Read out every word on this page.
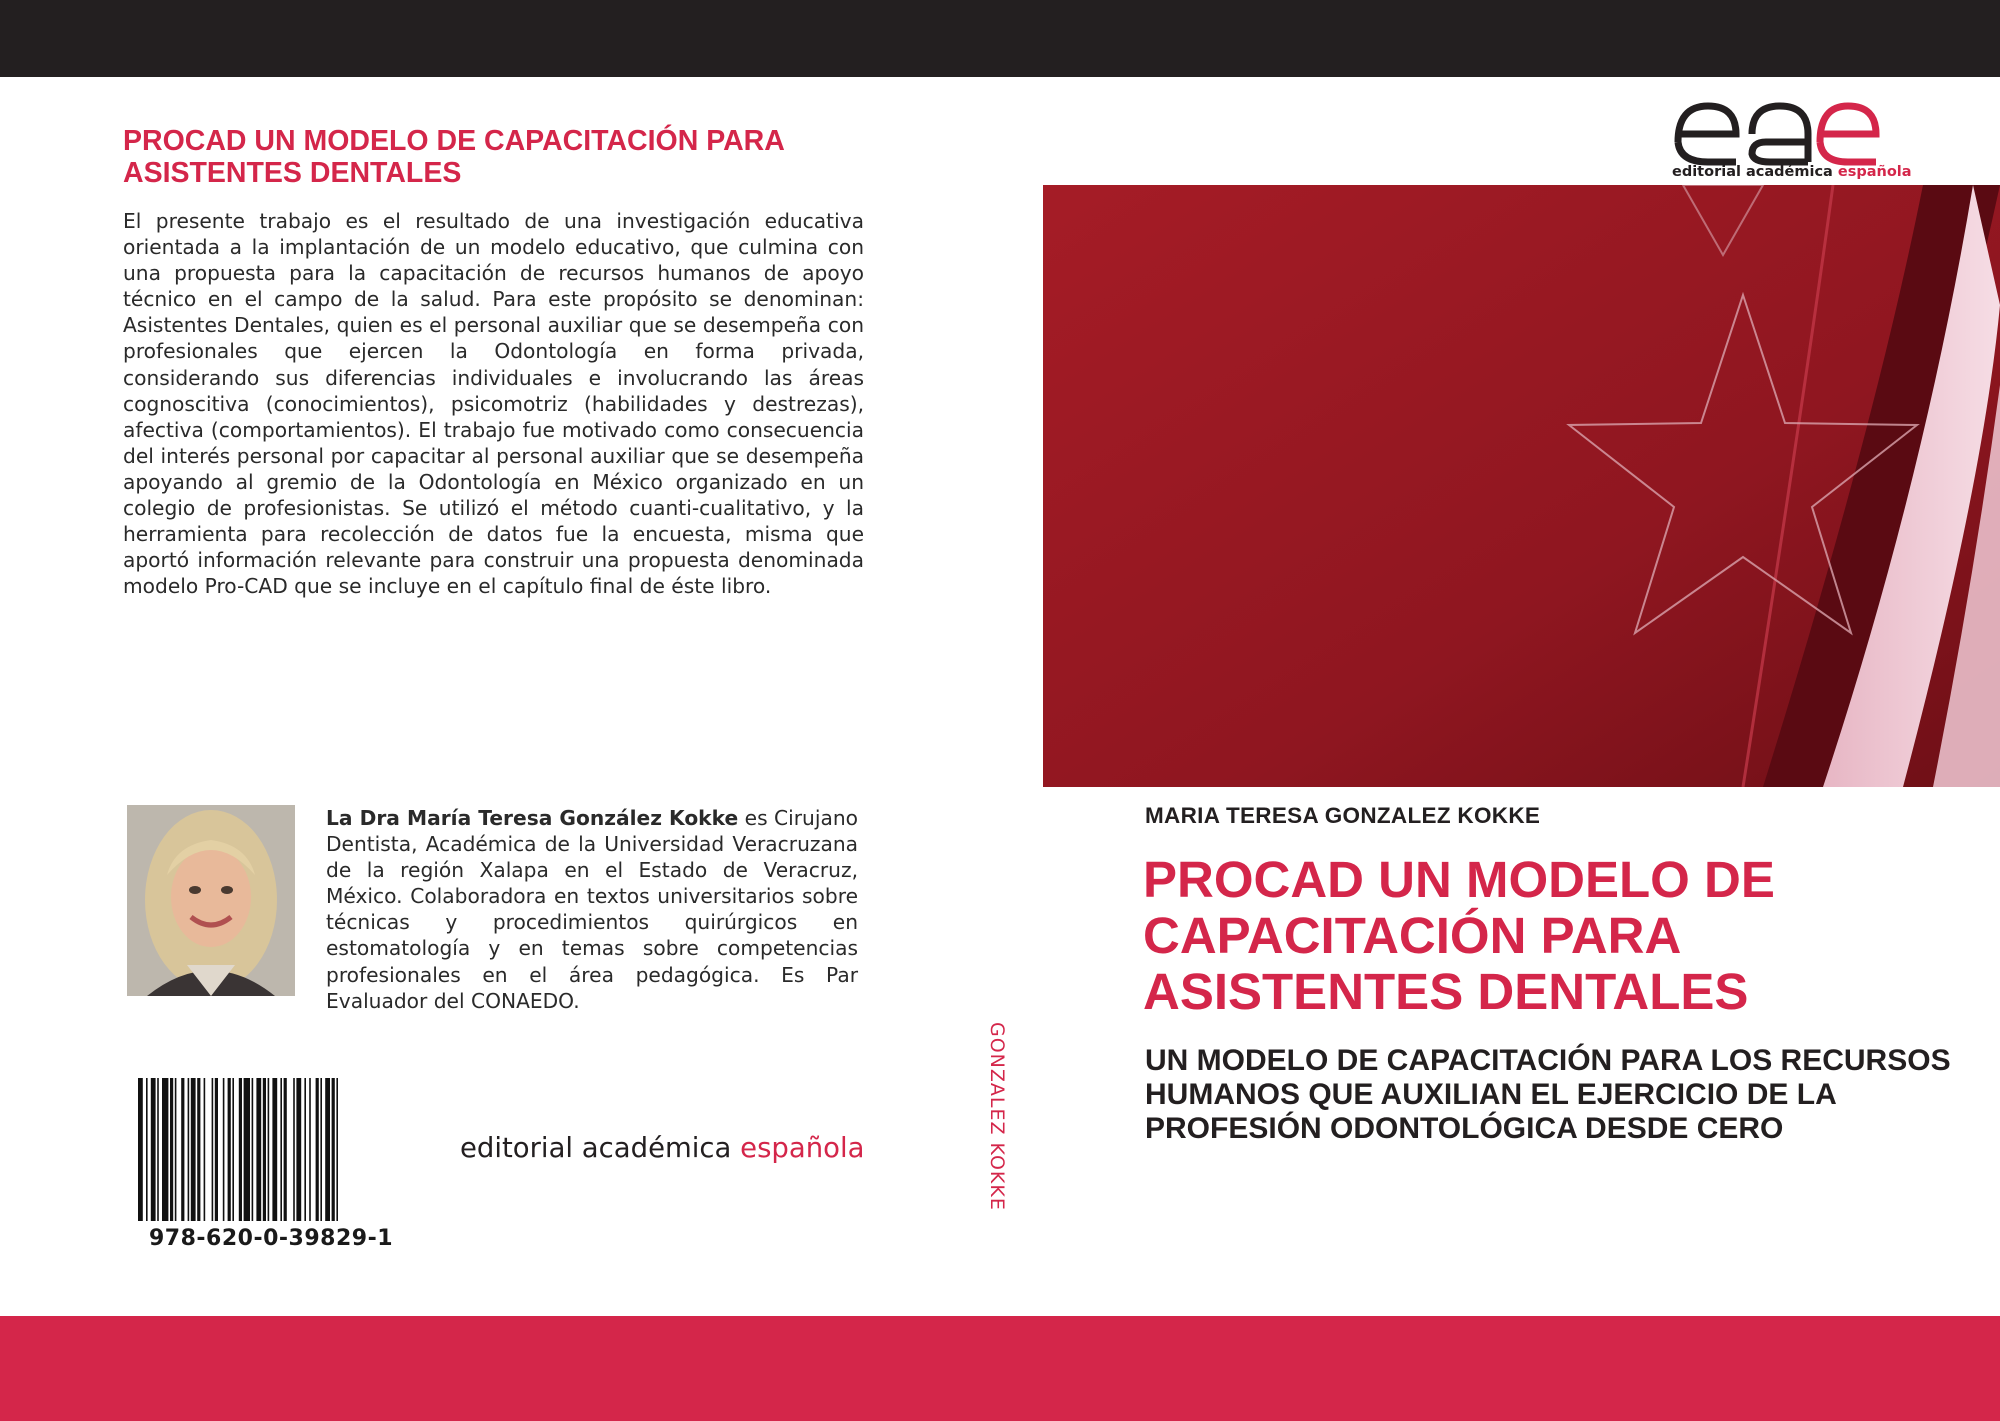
PROCAD UN MODELO DE CAPACITACIÓN PARA ASISTENTES DENTALES
El presente trabajo es el resultado de una investigación educativa orientada a la implantación de un modelo educativo, que culmina con una propuesta para la capacitación de recursos humanos de apoyo técnico en el campo de la salud. Para este propósito se denominan: Asistentes Dentales, quien es el personal auxiliar que se desempeña con profesionales que ejercen la Odontología en forma privada, considerando sus diferencias individuales e involucrando las áreas cognoscitiva (conocimientos), psicomotriz (habilidades y destrezas), afectiva (comportamientos). El trabajo fue motivado como consecuencia del interés personal por capacitar al personal auxiliar que se desempeña apoyando al gremio de la Odontología en México organizado en un colegio de profesionistas. Se utilizó el método cuanti-cualitativo, y la herramienta para recolección de datos fue la encuesta, misma que aportó información relevante para construir una propuesta denominada modelo Pro-CAD que se incluye en el capítulo final de éste libro.
La Dra María Teresa González Kokke es Cirujano Dentista, Académica de la Universidad Veracruzana de la región Xalapa en el Estado de Veracruz, México. Colaboradora en textos universitarios sobre técnicas y procedimientos quirúrgicos en estomatología y en temas sobre competencias profesionales en el área pedagógica. Es Par Evaluador del CONAEDO.
978-620-0-39829-1
editorial académica española	GONZALEZ KOKKE
editorial académica española
MARIA TERESA GONZALEZ KOKKE
PROCAD UN MODELO DE CAPACITACIÓN PARA ASISTENTES DENTALES
UN MODELO DE CAPACITACIÓN PARA LOS RECURSOS HUMANOS QUE AUXILIAN EL EJERCICIO DE LA PROFESIÓN ODONTOLÓGICA DESDE CERO
